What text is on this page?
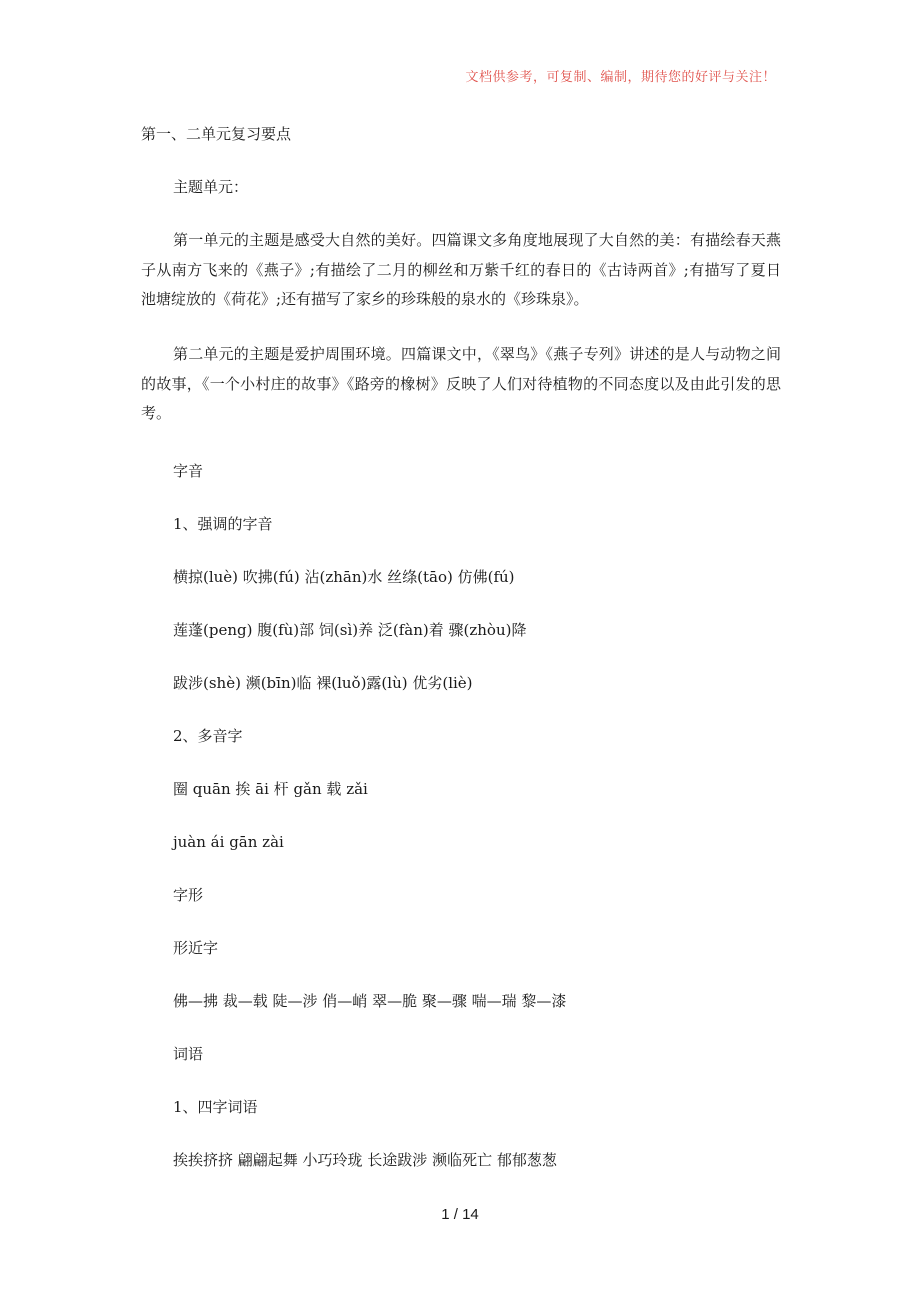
文档供参考，可复制、编制，期待您的好评与关注！
第一、二单元复习要点
主题单元：
第一单元的主题是感受大自然的美好。四篇课文多角度地展现了大自然的美：有描绘春天燕子从南方飞来的《燕子》;有描绘了二月的柳丝和万紫千红的春日的《古诗两首》;有描写了夏日池塘绽放的《荷花》;还有描写了家乡的珍珠般的泉水的《珍珠泉》。
第二单元的主题是爱护周围环境。四篇课文中，《翠鸟》《燕子专列》讲述的是人与动物之间的故事，《一个小村庄的故事》《路旁的橡树》反映了人们对待植物的不同态度以及由此引发的思考。
字音
1、强调的字音
横掠(luè) 吹拂(fú) 沾(zhān)水 丝绦(tāo) 仿佛(fú)
莲蓬(peng) 腹(fù)部 饲(sì)养 泛(fàn)着 骤(zhòu)降
跋涉(shè) 濒(bīn)临 裸(luǒ)露(lù) 优劣(liè)
2、多音字
圈 quān 挨 āi 杆 gǎn 载 zǎi
juàn ái gān zài
字形
形近字
佛—拂 裁—载 陡—涉 俏—峭 翠—脆 聚—骤 喘—瑞 黎—漆
词语
1、四字词语
挨挨挤挤 翩翩起舞 小巧玲珑 长途跋涉 濒临死亡 郁郁葱葱
1 / 14
